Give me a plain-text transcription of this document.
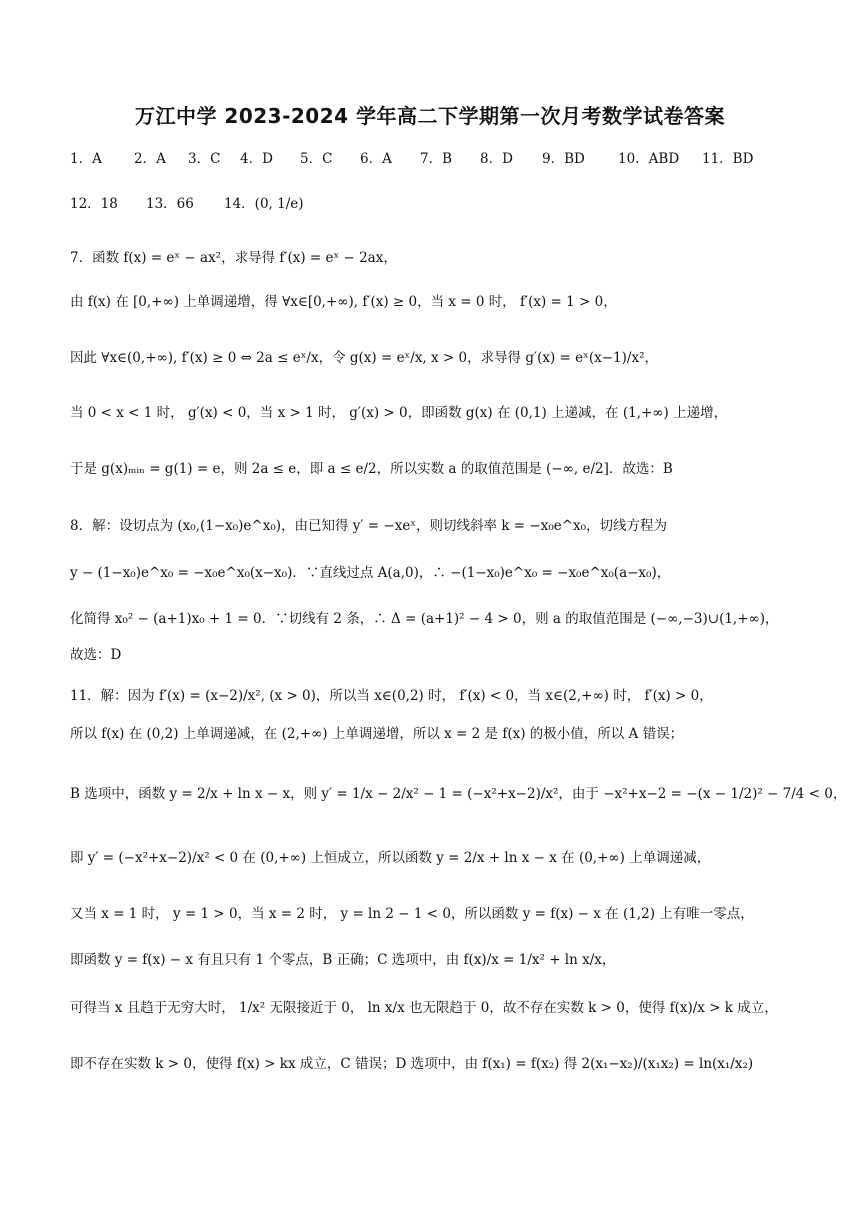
万江中学 2023-2024 学年高二下学期第一次月考数学试卷答案
1．A	2．A	3．C	4．D	5．C	6．A	7．B	8．D	9．BD	10．ABD	11．BD
12．18	13．66	14．(0, 1/e)
7．函数 f(x) = eˣ − ax²，求导得 f′(x) = eˣ − 2ax，
由 f(x) 在 [0,+∞) 上单调递增，得 ∀x∈[0,+∞), f′(x) ≥ 0，当 x = 0 时， f′(x) = 1 > 0，
因此 ∀x∈(0,+∞), f′(x) ≥ 0 ⇔ 2a ≤ eˣ/x，令 g(x) = eˣ/x, x > 0，求导得 g′(x) = eˣ(x−1)/x²，
当 0 < x < 1 时， g′(x) < 0，当 x > 1 时， g′(x) > 0，即函数 g(x) 在 (0,1) 上递减，在 (1,+∞) 上递增，
于是 g(x)ₘᵢₙ = g(1) = e，则 2a ≤ e，即 a ≤ e/2，所以实数 a 的取值范围是 (−∞, e/2]．故选：B
8．解：设切点为 (x₀,(1−x₀)e^x₀)，由已知得 y′ = −xeˣ，则切线斜率 k = −x₀e^x₀，切线方程为
y − (1−x₀)e^x₀ = −x₀e^x₀(x−x₀)．∵直线过点 A(a,0)，∴ −(1−x₀)e^x₀ = −x₀e^x₀(a−x₀)，
化简得 x₀² − (a+1)x₀ + 1 = 0．∵切线有 2 条，∴ Δ = (a+1)² − 4 > 0，则 a 的取值范围是 (−∞,−3)∪(1,+∞)，
故选：D
11．解：因为 f′(x) = (x−2)/x², (x > 0)，所以当 x∈(0,2) 时， f′(x) < 0，当 x∈(2,+∞) 时， f′(x) > 0，
所以 f(x) 在 (0,2) 上单调递减，在 (2,+∞) 上单调递增，所以 x = 2 是 f(x) 的极小值，所以 A 错误；
B 选项中，函数 y = 2/x + ln x − x，则 y′ = 1/x − 2/x² − 1 = (−x²+x−2)/x²，由于 −x²+x−2 = −(x − 1/2)² − 7/4 < 0，
即 y′ = (−x²+x−2)/x² < 0 在 (0,+∞) 上恒成立，所以函数 y = 2/x + ln x − x 在 (0,+∞) 上单调递减，
又当 x = 1 时， y = 1 > 0，当 x = 2 时， y = ln 2 − 1 < 0，所以函数 y = f(x) − x 在 (1,2) 上有唯一零点，
即函数 y = f(x) − x 有且只有 1 个零点，B 正确；C 选项中，由 f(x)/x = 1/x² + ln x/x，
可得当 x 且趋于无穷大时， 1/x² 无限接近于 0， ln x/x 也无限趋于 0，故不存在实数 k > 0，使得 f(x)/x > k 成立，
即不存在实数 k > 0，使得 f(x) > kx 成立，C 错误；D 选项中，由 f(x₁) = f(x₂) 得 2(x₁−x₂)/(x₁x₂) = ln(x₁/x₂)
